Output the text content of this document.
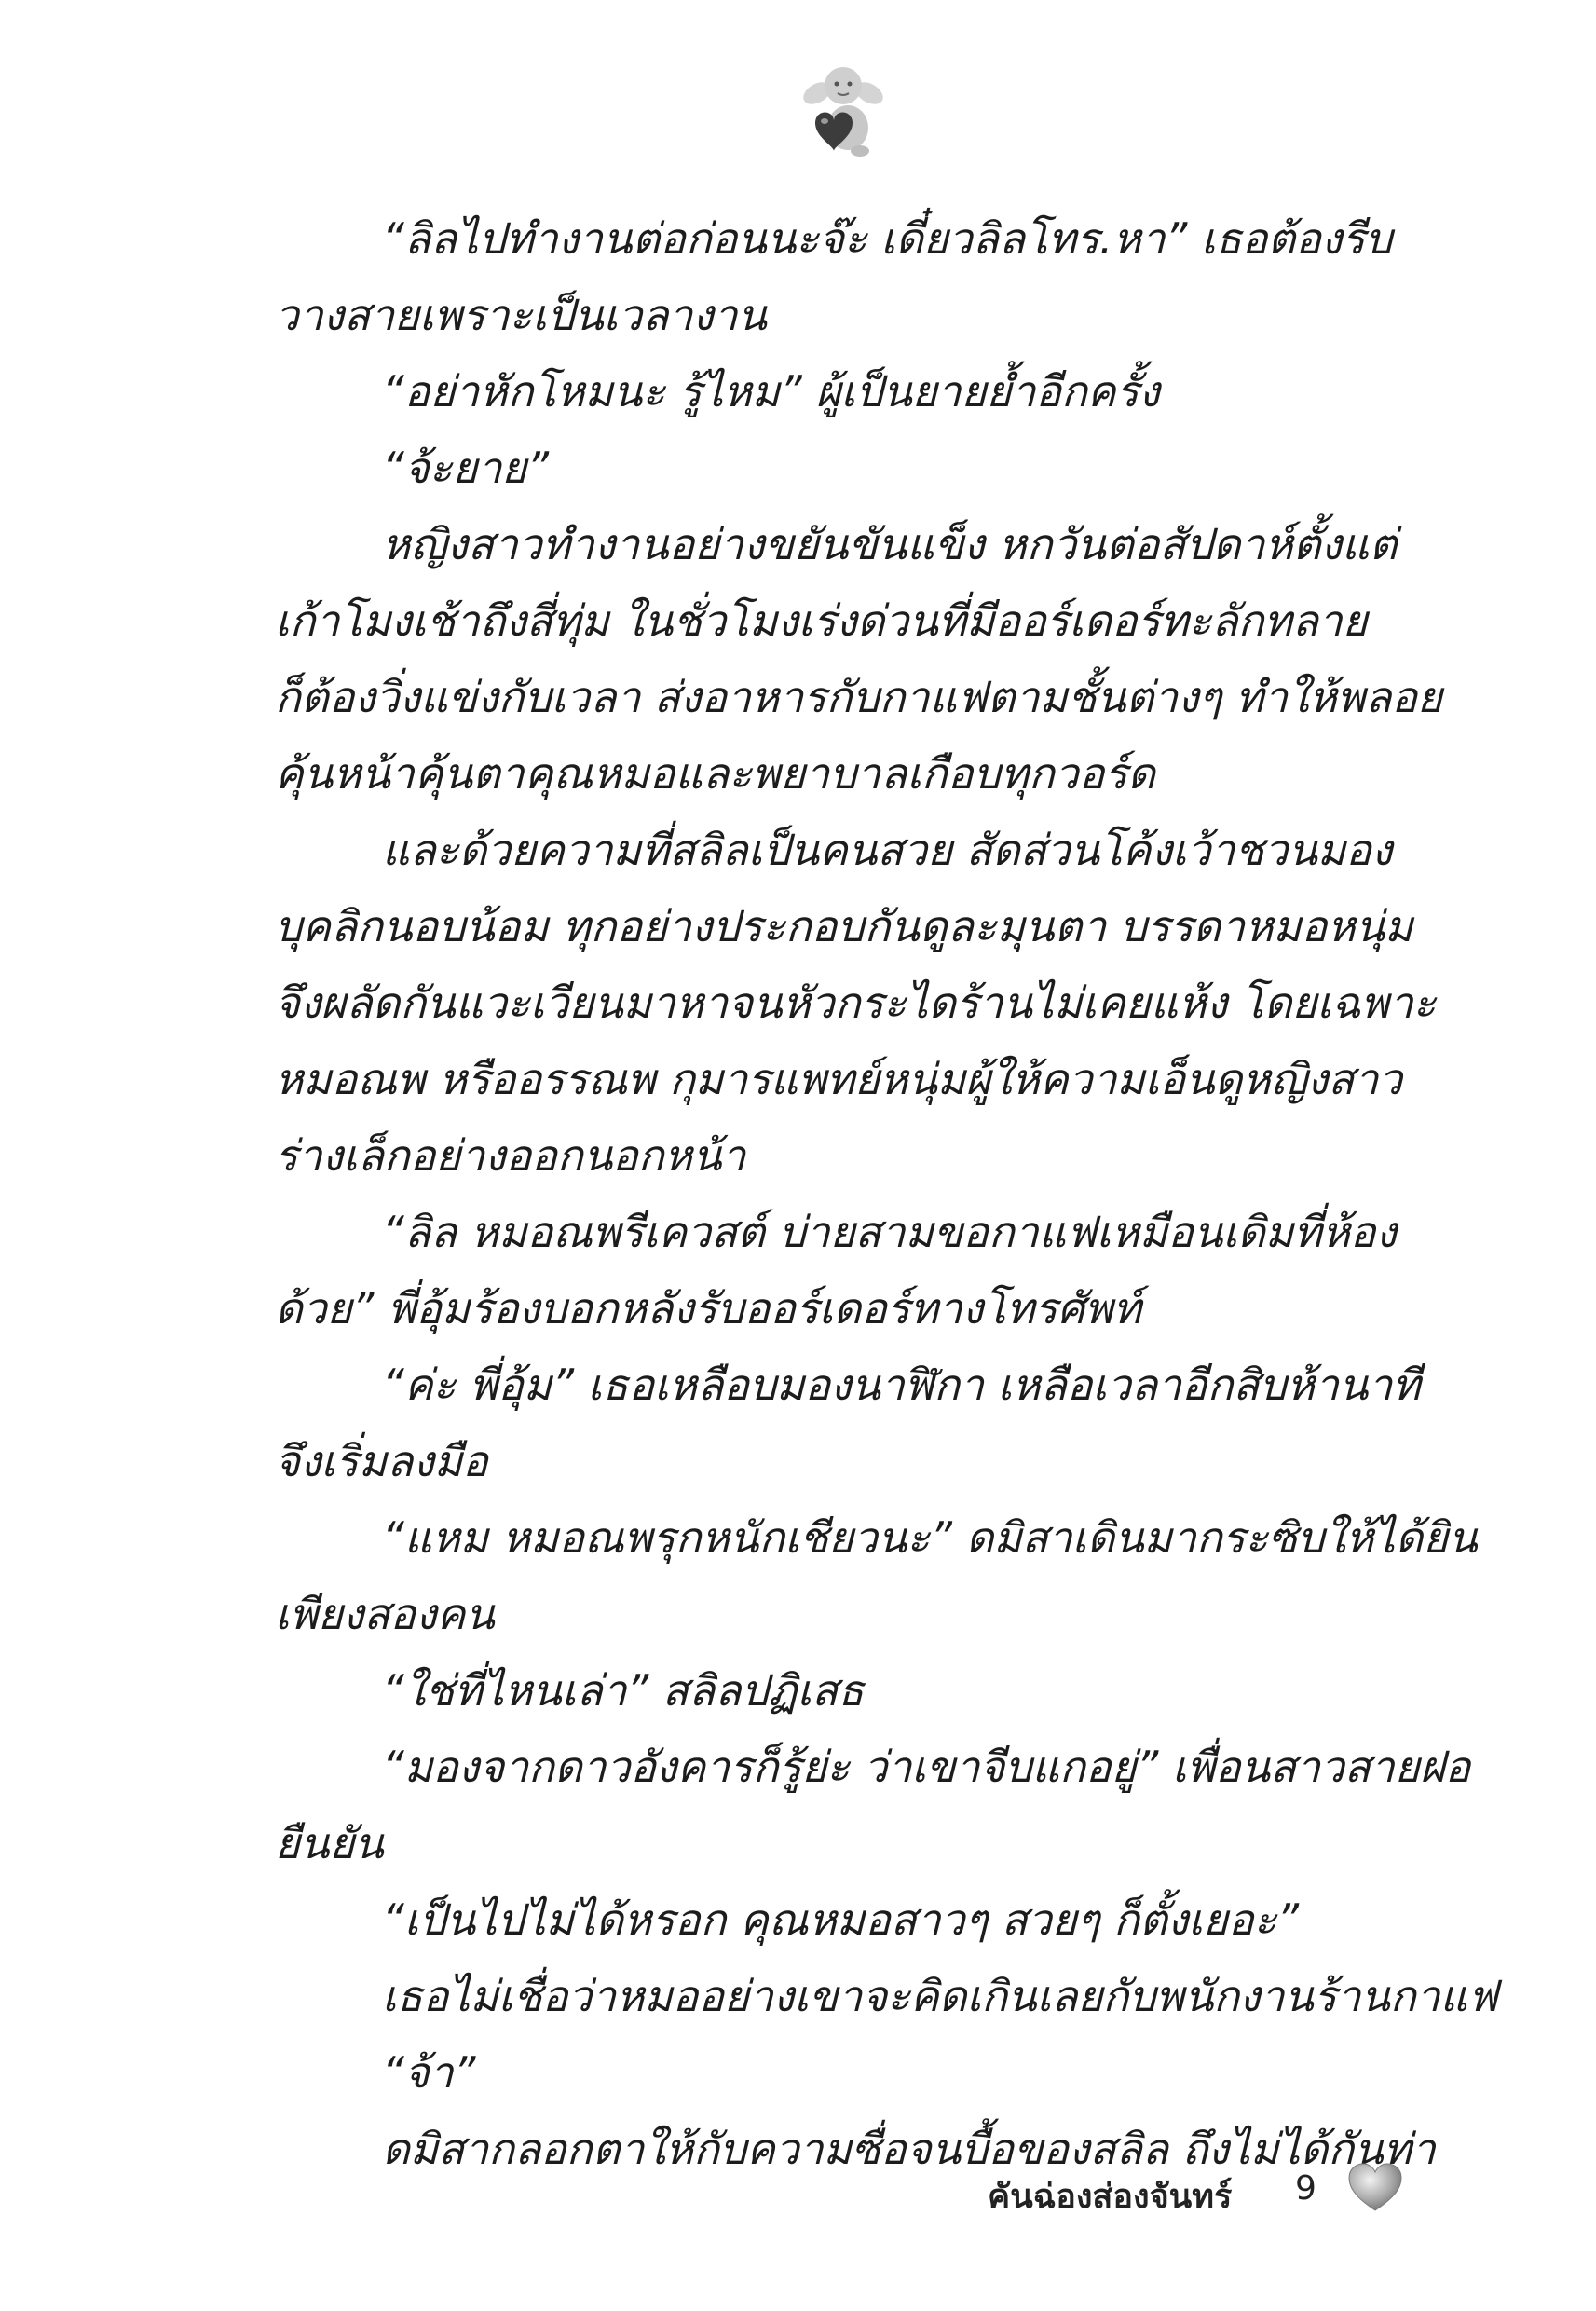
“ลิลไปทำงานต่อก่อนนะจ๊ะ เดี๋ยวลิลโทร.หา” เธอต้องรีบ
วางสายเพราะเป็นเวลางาน
“อย่าหักโหมนะ รู้ไหม” ผู้เป็นยายย้ำอีกครั้ง
“จ้ะยาย”
หญิงสาวทำงานอย่างขยันขันแข็ง หกวันต่อสัปดาห์ตั้งแต่
เก้าโมงเช้าถึงสี่ทุ่ม ในชั่วโมงเร่งด่วนที่มีออร์เดอร์ทะลักทลาย
ก็ต้องวิ่งแข่งกับเวลา ส่งอาหารกับกาแฟตามชั้นต่างๆ ทำให้พลอย
คุ้นหน้าคุ้นตาคุณหมอและพยาบาลเกือบทุกวอร์ด
และด้วยความที่สลิลเป็นคนสวย สัดส่วนโค้งเว้าชวนมอง
บุคลิกนอบน้อม ทุกอย่างประกอบกันดูละมุนตา บรรดาหมอหนุ่ม
จึงผลัดกันแวะเวียนมาหาจนหัวกระไดร้านไม่เคยแห้ง โดยเฉพาะ
หมอณพ หรืออรรณพ กุมารแพทย์หนุ่มผู้ให้ความเอ็นดูหญิงสาว
ร่างเล็กอย่างออกนอกหน้า
“ลิล หมอณพรีเควสต์ บ่ายสามขอกาแฟเหมือนเดิมที่ห้อง
ด้วย” พี่อุ้มร้องบอกหลังรับออร์เดอร์ทางโทรศัพท์
“ค่ะ พี่อุ้ม” เธอเหลือบมองนาฬิกา เหลือเวลาอีกสิบห้านาที
จึงเริ่มลงมือ
“แหม หมอณพรุกหนักเชียวนะ” ดมิสาเดินมากระซิบให้ได้ยิน
เพียงสองคน
“ใช่ที่ไหนเล่า” สลิลปฏิเสธ
“มองจากดาวอังคารก็รู้ย่ะ ว่าเขาจีบแกอยู่” เพื่อนสาวสายฝอ
ยืนยัน
“เป็นไปไม่ได้หรอก คุณหมอสาวๆ สวยๆ ก็ตั้งเยอะ”
เธอไม่เชื่อว่าหมออย่างเขาจะคิดเกินเลยกับพนักงานร้านกาแฟ
“จ้า”
ดมิสากลอกตาให้กับความซื่อจนบื้อของสลิล ถึงไม่ได้กันท่า
คันฉ่องส่องจันทร์ 9
